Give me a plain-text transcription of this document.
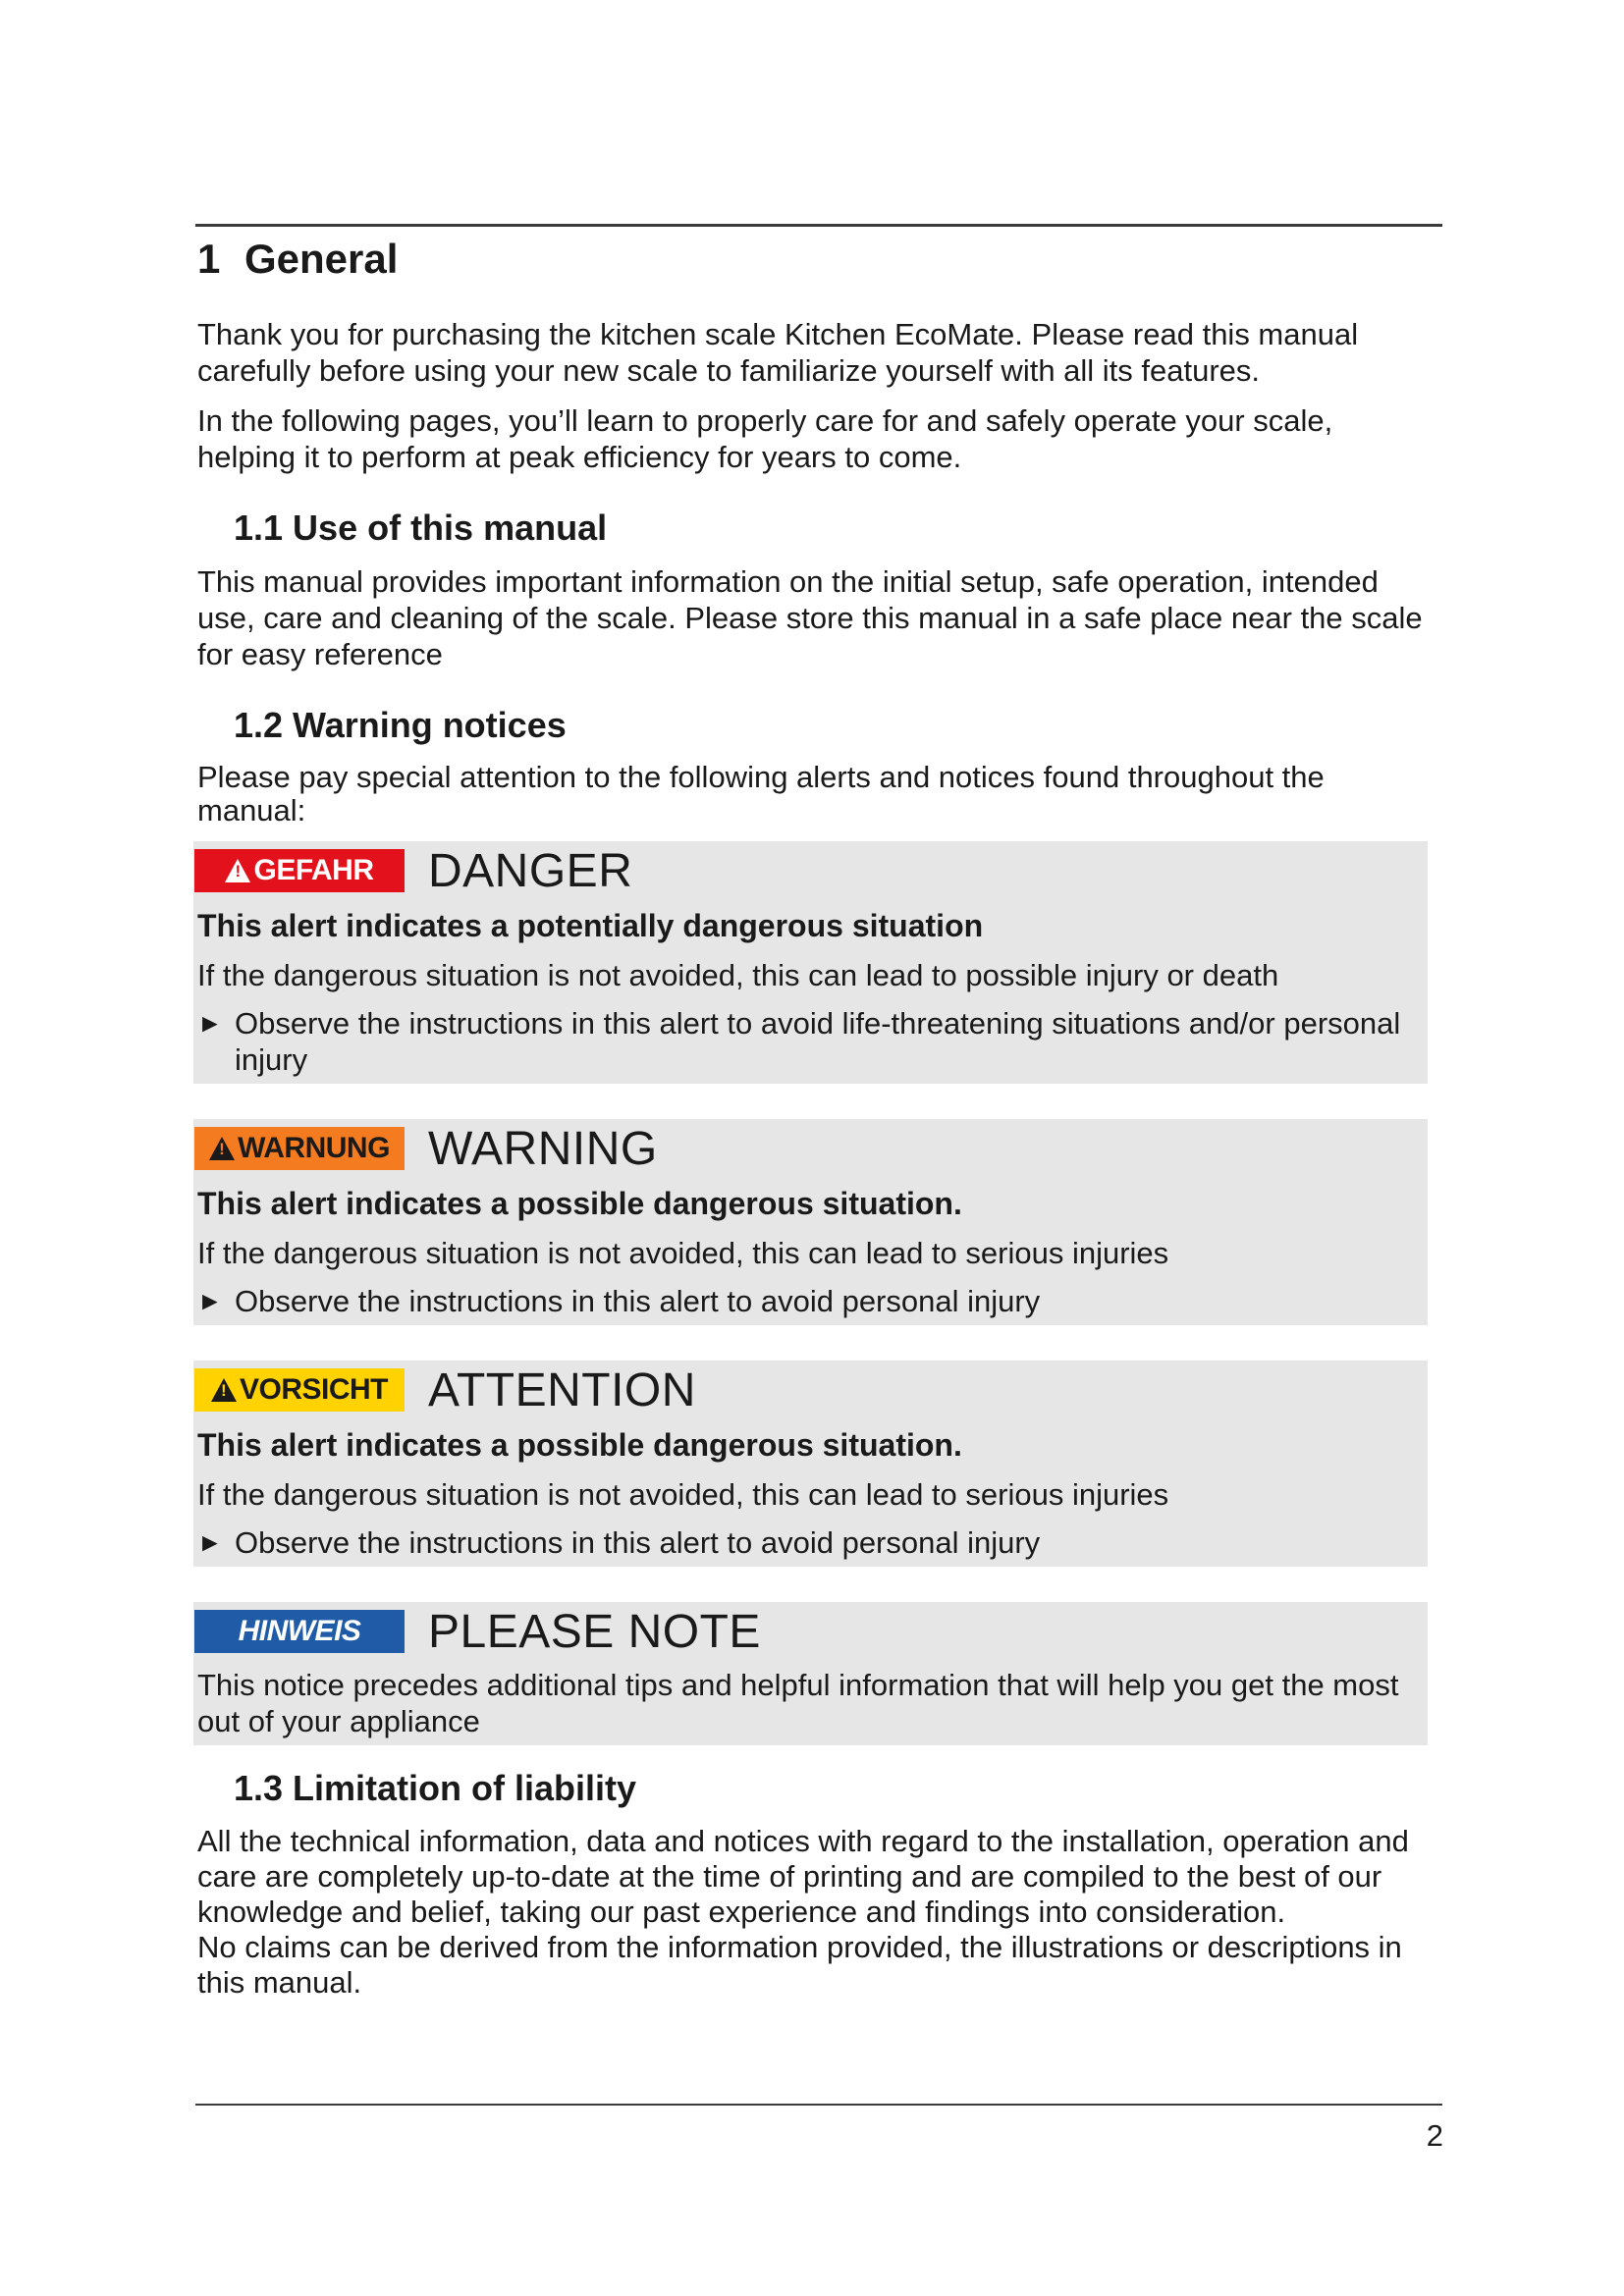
1 General

Thank you for purchasing the kitchen scale Kitchen EcoMate. Please read this manual carefully before using your new scale to familiarize yourself with all its features.

In the following pages, you’ll learn to properly care for and safely operate your scale, helping it to perform at peak efficiency for years to come.

1.1 Use of this manual

This manual provides important information on the initial setup, safe operation, intended use, care and cleaning of the scale. Please store this manual in a safe place near the scale for easy reference

1.2 Warning notices

Please pay special attention to the following alerts and notices found throughout the manual:

!
GEFAHR DANGER
This alert indicates a potentially dangerous situation

If the dangerous situation is not avoided, this can lead to possible injury or death

► Observe the instructions in this alert to avoid life-threatening situations and/or personal injury

!
WARNUNG WARNING
This alert indicates a possible dangerous situation.

If the dangerous situation is not avoided, this can lead to serious injuries

► Observe the instructions in this alert to avoid personal injury

!
VORSICHT ATTENTION
This alert indicates a possible dangerous situation.

If the dangerous situation is not avoided, this can lead to serious injuries

► Observe the instructions in this alert to avoid personal injury

HINWEIS PLEASE NOTE

This notice precedes additional tips and helpful information that will help you get the most out of your appliance

1.3 Limitation of liability

All the technical information, data and notices with regard to the installation, operation and care are completely up-to-date at the time of printing and are compiled to the best of our knowledge and belief, taking our past experience and findings into consideration.

No claims can be derived from the information provided, the illustrations or descriptions in this manual.

2
